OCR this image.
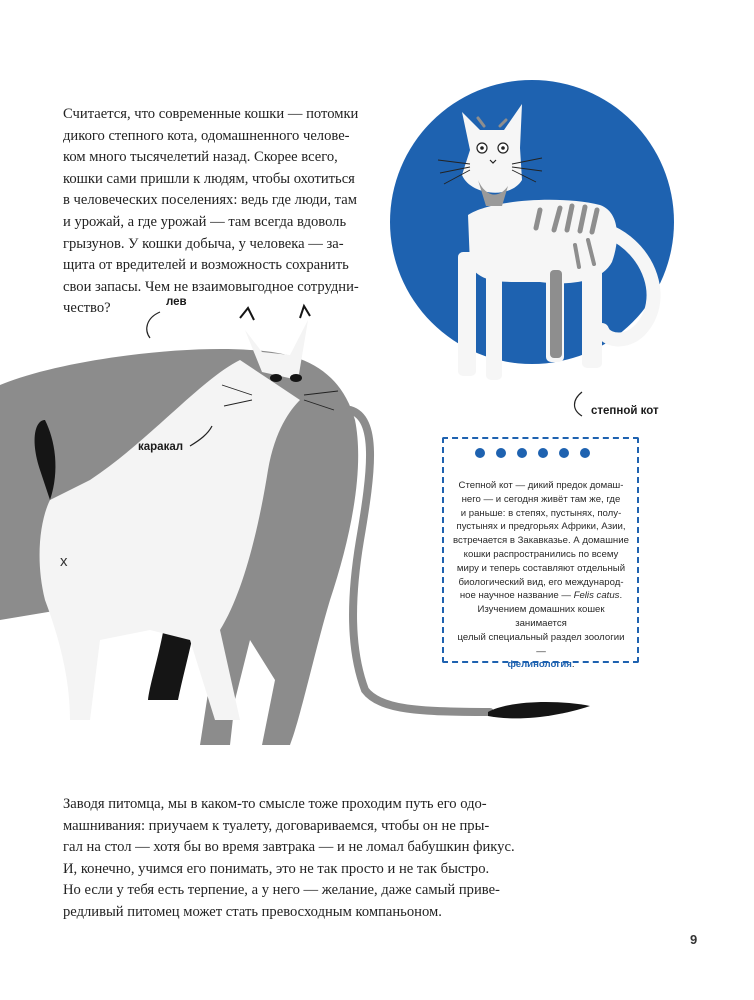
x
Считается, что современные кошки — потомки
дикого степного кота, одомашненного челове-
ком много тысячелетий назад. Скорее всего,
кошки сами пришли к людям, чтобы охотиться
в человеческих поселениях: ведь где люди, там
и урожай, а где урожай — там всегда вдоволь
грызунов. У кошки добыча, у человека — за-
щита от вредителей и возможность сохранить
свои запасы. Чем не взаимовыгодное сотрудни-
чество?	лев
каракал
степной кот
Степной кот — дикий предок домаш-
него — и сегодня живёт там же, где
и раньше: в степях, пустынях, полу-
пустынях и предгорьях Африки, Азии,
встречается в Закавказье. А домашние
кошки распространились по всему
миру и теперь составляют отдельный
биологический вид, его международ-
ное научное название — Felis catus.
Изучением домашних кошек занимается
целый специальный раздел зоологии —
фелинология.
Заводя питомца, мы в каком-то смысле тоже проходим путь его одо-
машнивания: приучаем к туалету, договариваемся, чтобы он не пры-
гал на стол — хотя бы во время завтрака — и не ломал бабушкин фикус.
И, конечно, учимся его понимать, это не так просто и не так быстро.
Но если у тебя есть терпение, а у него — желание, даже самый приве-
редливый питомец может стать превосходным компаньоном.
9
